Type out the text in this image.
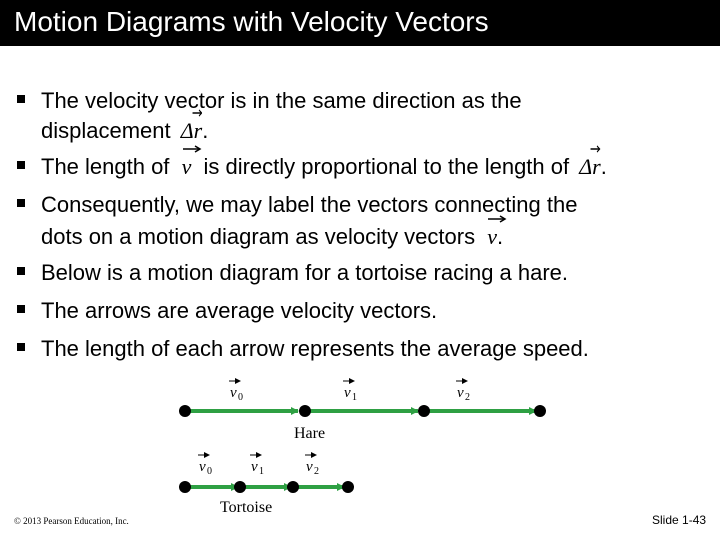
Motion Diagrams with Velocity Vectors
The velocity vector is in the same direction as the
displacement Δr
.
The length of v is directly proportional to the length of Δr
.
Consequently, we may label the vectors connecting the
dots on a motion diagram as velocity vectors v
.
Below is a motion diagram for a tortoise racing a hare.
The arrows are average velocity vectors.
The length of each arrow represents the average speed.
v 0	v 1	v 2
Hare
v 0	v 1	v 2
Tortoise
© 2013 Pearson Education, Inc.	Slide 1-43
